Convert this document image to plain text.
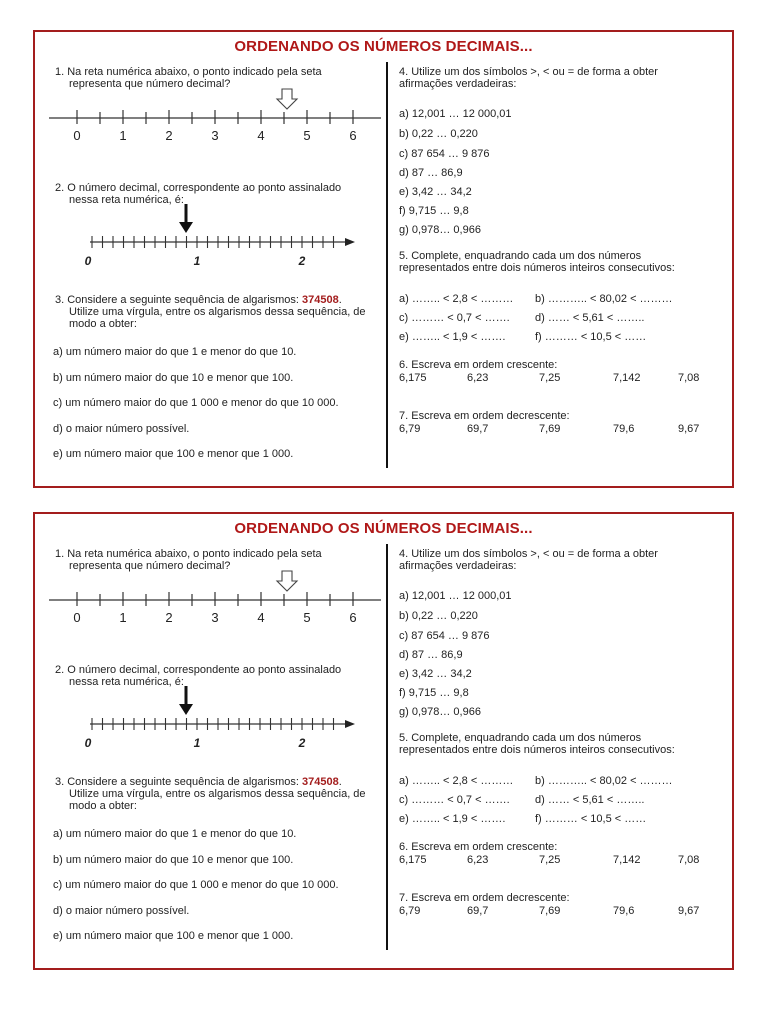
ORDENANDO OS NÚMEROS DECIMAIS...
1. Na reta numérica abaixo, o ponto indicado pela seta
representa que número decimal?
0	1	2	3	4	5	6
2. O número decimal, correspondente ao ponto assinalado
nessa reta numérica, é:
0	1	2
3. Considere a seguinte sequência de algarismos: 374508.
Utilize uma vírgula, entre os algarismos dessa sequência, de
modo a obter:
a) um número maior do que 1 e menor do que 10.
b) um número maior do que 10 e menor que 100.
c) um número maior do que 1 000 e menor do que 10 000.
d) o maior número possível.
e) um número maior que 100 e menor que 1 000.
4. Utilize um dos símbolos >, < ou = de forma a obter
afirmações verdadeiras:
a) 12,001 … 12 000,01
b) 0,22 … 0,220
c) 87 654 … 9 876
d) 87 … 86,9
e) 3,42 … 34,2
f) 9,715 … 9,8
g) 0,978… 0,966
5. Complete, enquadrando cada um dos números
representados entre dois números inteiros consecutivos:
a) …….. < 2,8 < ……… b) ……….. < 80,02 < ………
c) ……… < 0,7 < ……. d) …… < 5,61 < ……..
e) …….. < 1,9 < …….	f) ……… < 10,5 < ……
6. Escreva em ordem crescente:
6,175	6,23	7,25	7,142	7,08
7. Escreva em ordem decrescente:
6,79	69,7	7,69	79,6	9,67
ORDENANDO OS NÚMEROS DECIMAIS...
1. Na reta numérica abaixo, o ponto indicado pela seta
representa que número decimal?
0	1	2	3	4	5	6
2. O número decimal, correspondente ao ponto assinalado
nessa reta numérica, é:
0	1	2
3. Considere a seguinte sequência de algarismos: 374508.
Utilize uma vírgula, entre os algarismos dessa sequência, de
modo a obter:
a) um número maior do que 1 e menor do que 10.
b) um número maior do que 10 e menor que 100.
c) um número maior do que 1 000 e menor do que 10 000.
d) o maior número possível.
e) um número maior que 100 e menor que 1 000.
4. Utilize um dos símbolos >, < ou = de forma a obter
afirmações verdadeiras:
a) 12,001 … 12 000,01
b) 0,22 … 0,220
c) 87 654 … 9 876
d) 87 … 86,9
e) 3,42 … 34,2
f) 9,715 … 9,8
g) 0,978… 0,966
5. Complete, enquadrando cada um dos números
representados entre dois números inteiros consecutivos:
a) …….. < 2,8 < ……… b) ……….. < 80,02 < ………
c) ……… < 0,7 < ……. d) …… < 5,61 < ……..
e) …….. < 1,9 < …….	f) ……… < 10,5 < ……
6. Escreva em ordem crescente:
6,175	6,23	7,25	7,142	7,08
7. Escreva em ordem decrescente:
6,79	69,7	7,69	79,6	9,67
